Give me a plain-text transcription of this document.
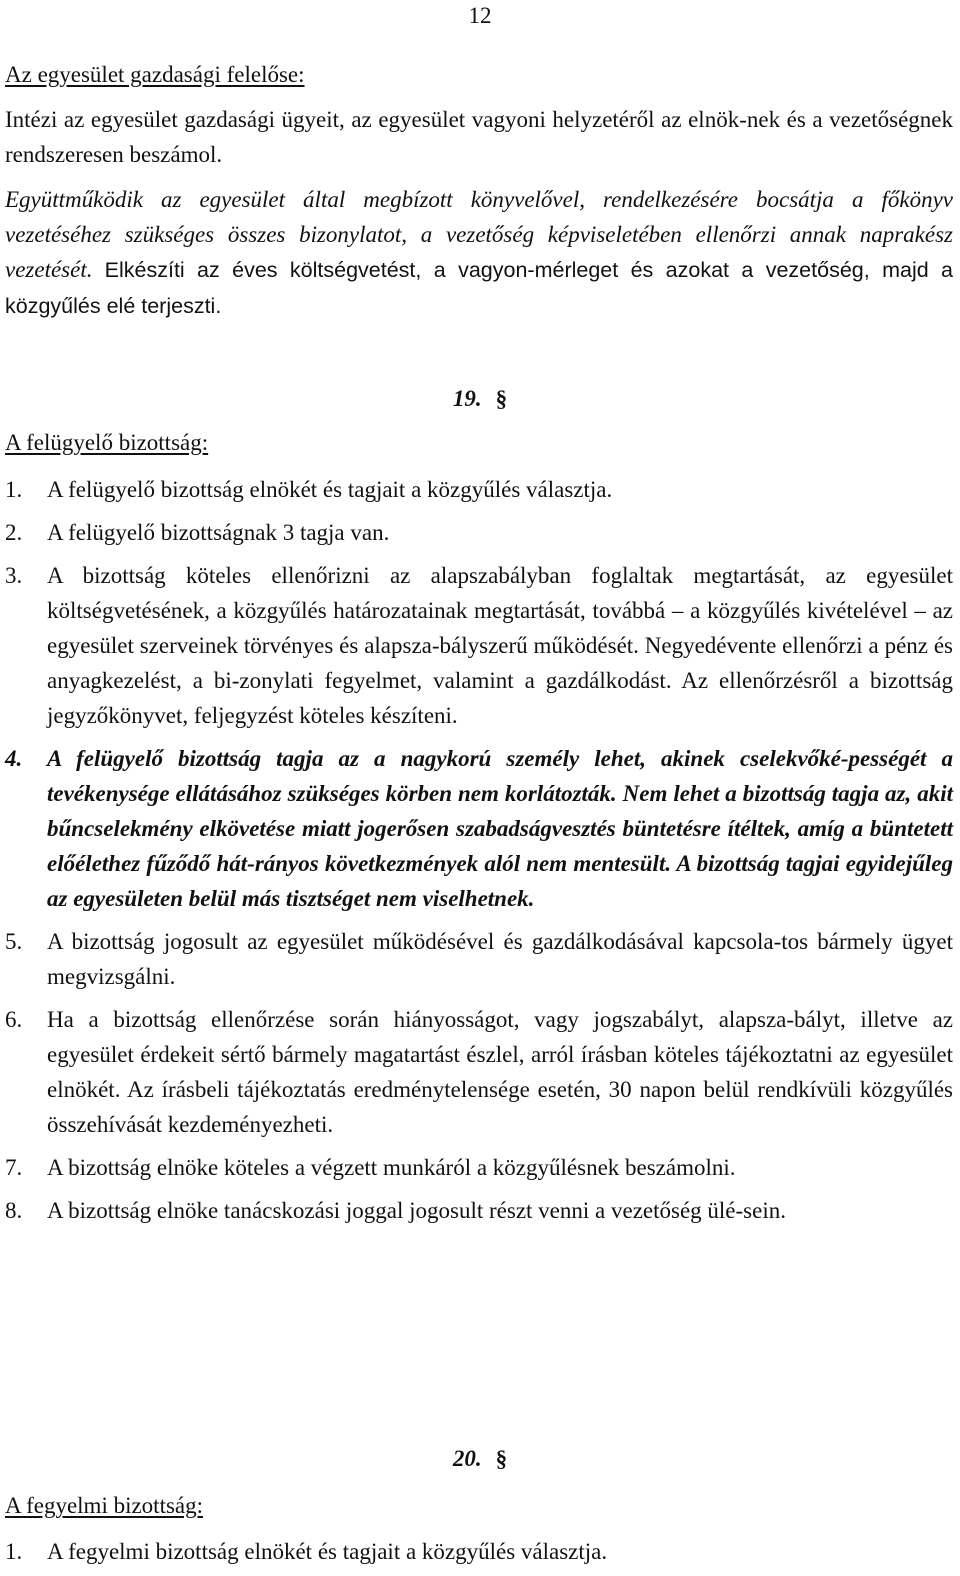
12
Az egyesület gazdasági felelőse:
Intézi az egyesület gazdasági ügyeit, az egyesület vagyoni helyzetéről az elnök-nek és a vezetőségnek rendszeresen beszámol.
Együttműködik az egyesület által megbízott könyvelővel, rendelkezésére bocsátja a főkönyv vezetéséhez szükséges összes bizonylatot, a vezetőség képviseletében ellenőrzi annak naprakész vezetését. Elkészíti az éves költségvetést, a vagyon-mérleget és azokat a vezetőség, majd a közgyűlés elé terjeszti.
19. §
A felügyelő bizottság:
1.	A felügyelő bizottság elnökét és tagjait a közgyűlés választja.
2.	A felügyelő bizottságnak 3 tagja van.
3.	A bizottság köteles ellenőrizni az alapszabályban foglaltak megtartását, az egyesület költségvetésének, a közgyűlés határozatainak megtartását, továbbá – a közgyűlés kivételével – az egyesület szerveinek törvényes és alapsza-bályszerű működését. Negyedévente ellenőrzi a pénz és anyagkezelést, a bi-zonylati fegyelmet, valamint a gazdálkodást. Az ellenőrzésről a bizottság jegyzőkönyvet, feljegyzést köteles készíteni.
4.	A felügyelő bizottság tagja az a nagykorú személy lehet, akinek cselekvőké-pességét a tevékenysége ellátásához szükséges körben nem korlátozták. Nem lehet a bizottság tagja az, akit bűncselekmény elkövetése miatt jogerősen szabadságvesztés büntetésre ítéltek, amíg a büntetett előélethez fűződő hát-rányos következmények alól nem mentesült. A bizottság tagjai egyidejűleg az egyesületen belül más tisztséget nem viselhetnek.
5.	A bizottság jogosult az egyesület működésével és gazdálkodásával kapcsola-tos bármely ügyet megvizsgálni.
6.	Ha a bizottság ellenőrzése során hiányosságot, vagy jogszabályt, alapsza-bályt, illetve az egyesület érdekeit sértő bármely magatartást észlel, arról írásban köteles tájékoztatni az egyesület elnökét. Az írásbeli tájékoztatás eredménytelensége esetén, 30 napon belül rendkívüli közgyűlés összehívását kezdeményezheti.
7.	A bizottság elnöke köteles a végzett munkáról a közgyűlésnek beszámolni.
8.	A bizottság elnöke tanácskozási joggal jogosult részt venni a vezetőség ülé-sein.
20. §
A fegyelmi bizottság:
1.	A fegyelmi bizottság elnökét és tagjait a közgyűlés választja.
